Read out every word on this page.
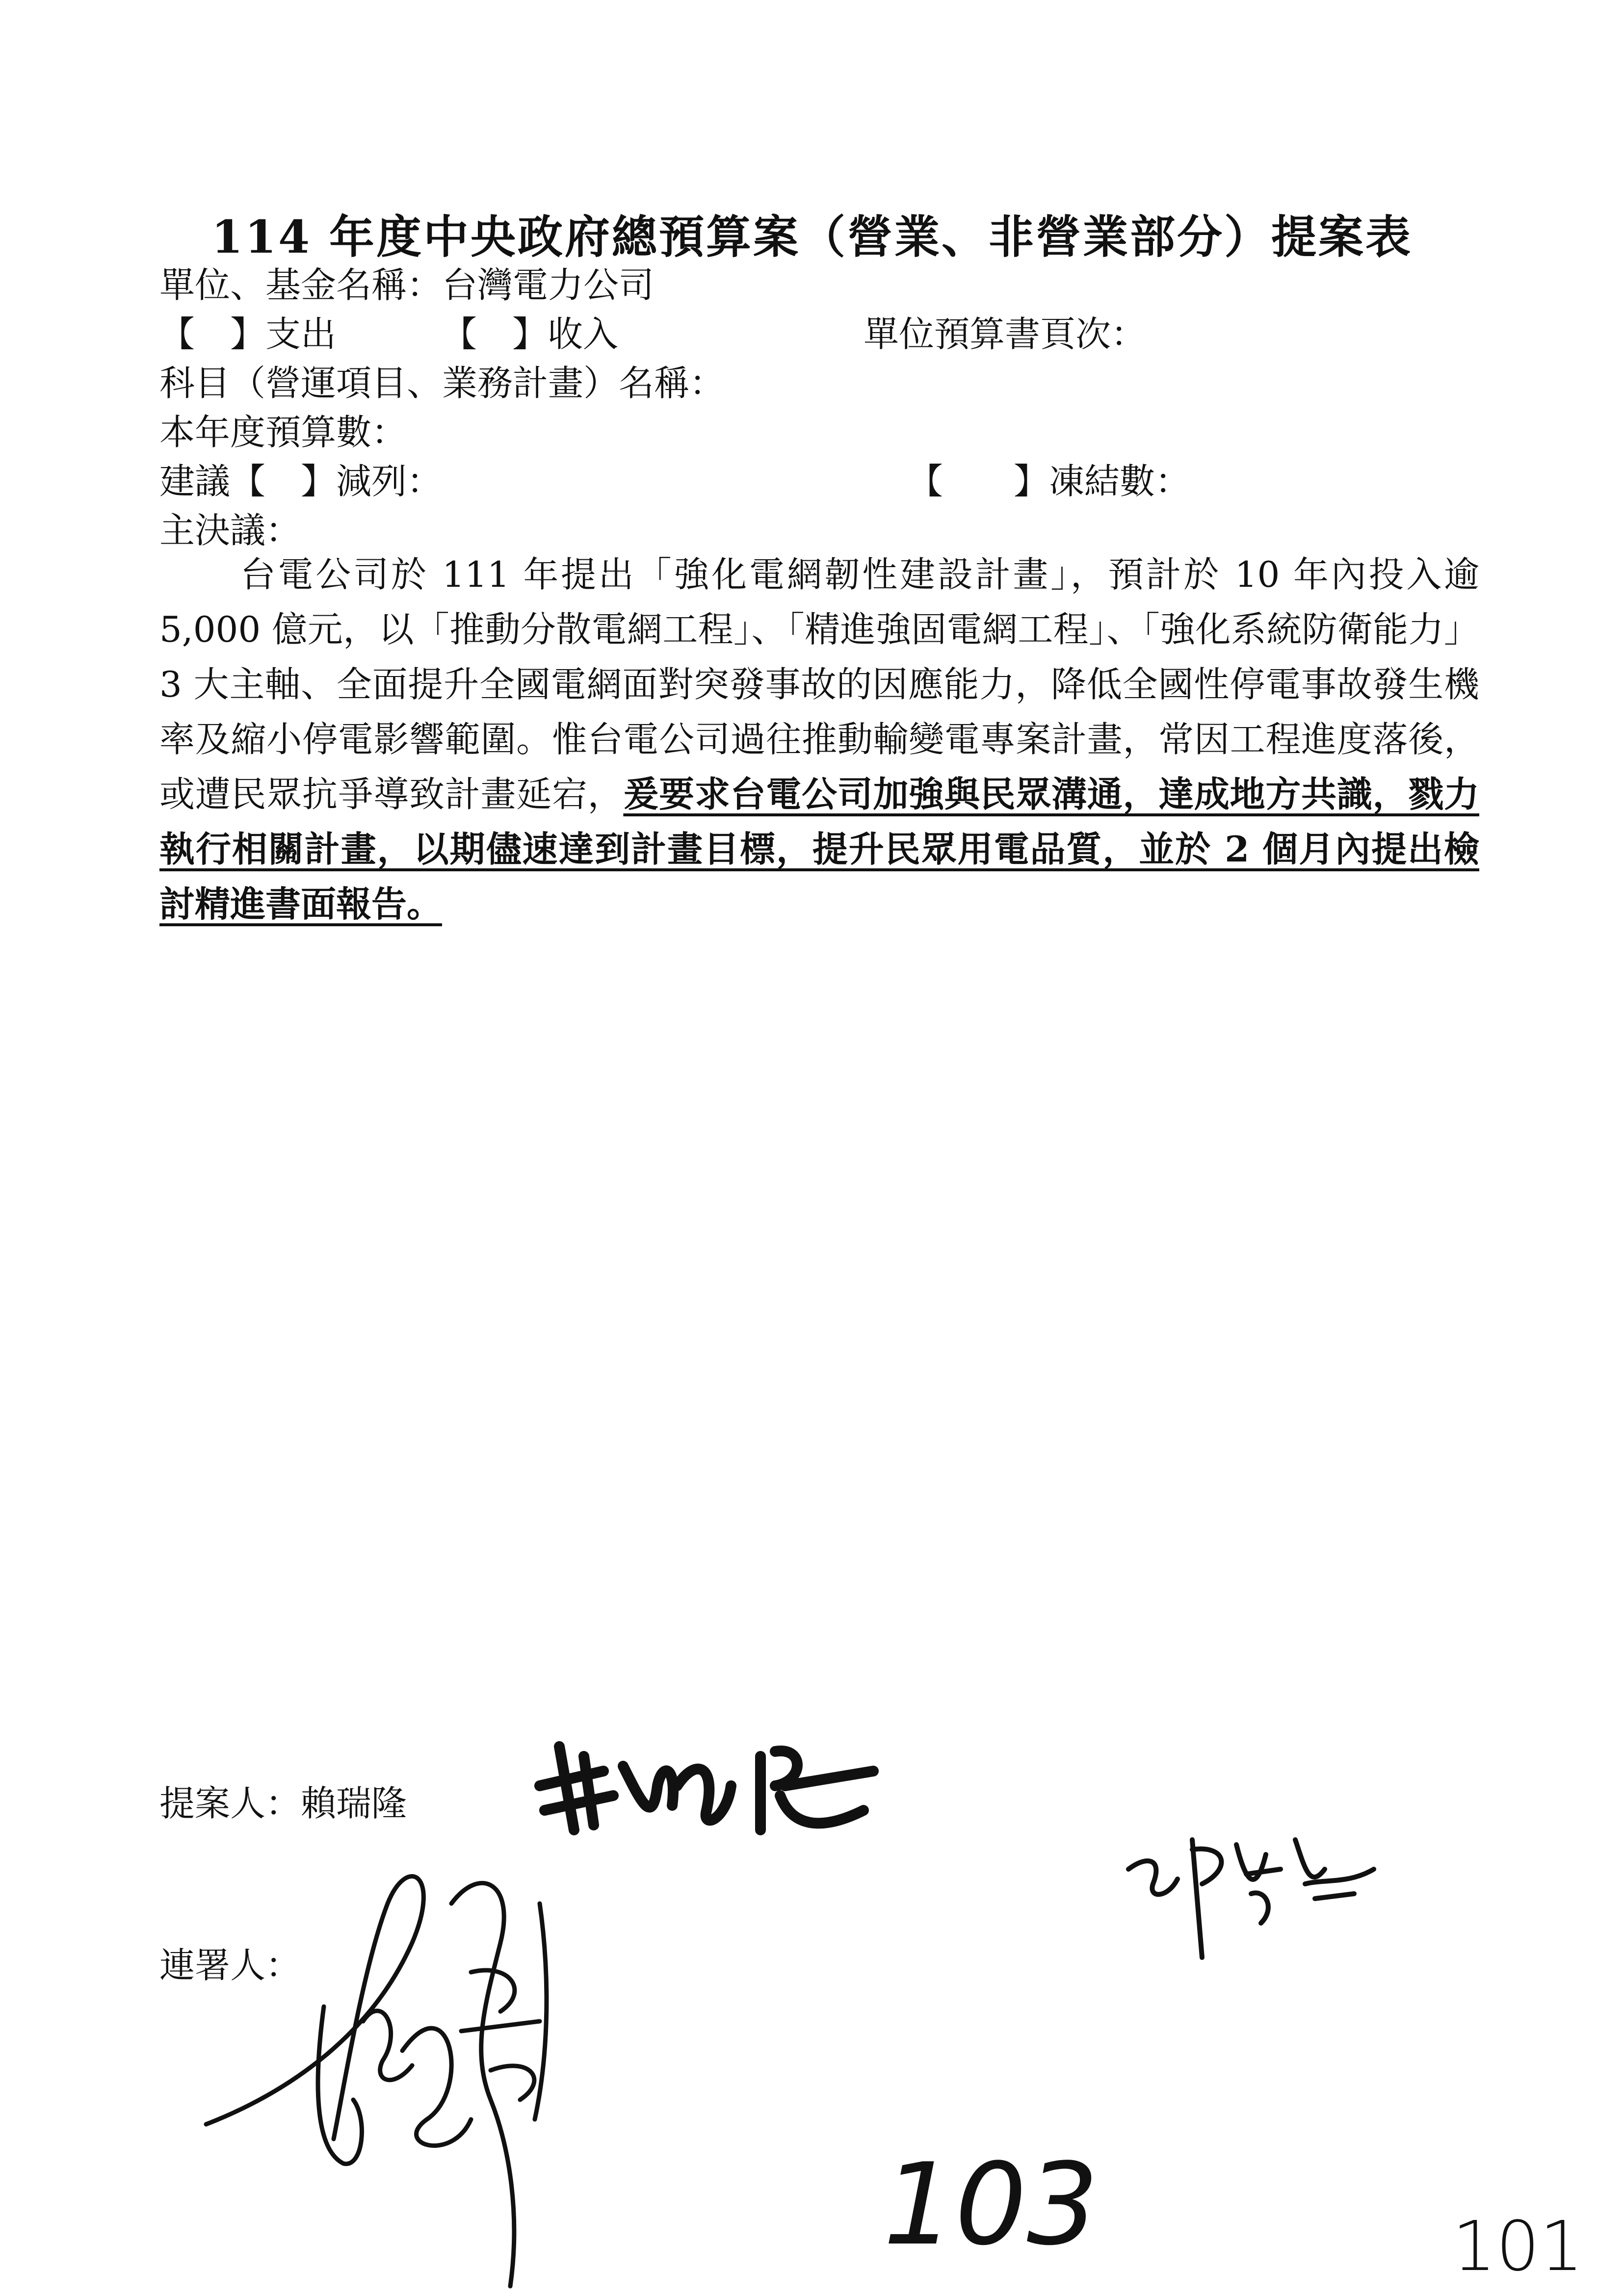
114 年度中央政府總預算案（營業、非營業部分）提案表
單位、基金名稱：台灣電力公司
【　】支出	【　】收入	單位預算書頁次：
科目（營運項目、業務計畫）名稱：
本年度預算數：
建議【　】減列：	【　　】凍結數：
主決議：
台電公司於 111 年提出「強化電網韌性建設計畫」，預計於 10 年內投入逾 5,000 億元，以「推動分散電網工程」、「精進強固電網工程」、「強化系統防衛能力」3 大主軸、全面提升全國電網面對突發事故的因應能力，降低全國性停電事故發生機率及縮小停電影響範圍。惟台電公司過往推動輸變電專案計畫，常因工程進度落後，或遭民眾抗爭導致計畫延宕，爰要求台電公司加強與民眾溝通，達成地方共識，戮力執行相關計畫，以期儘速達到計畫目標，提升民眾用電品質，並於 2 個月內提出檢討精進書面報告。
提案人：賴瑞隆
連署人：
103	101
